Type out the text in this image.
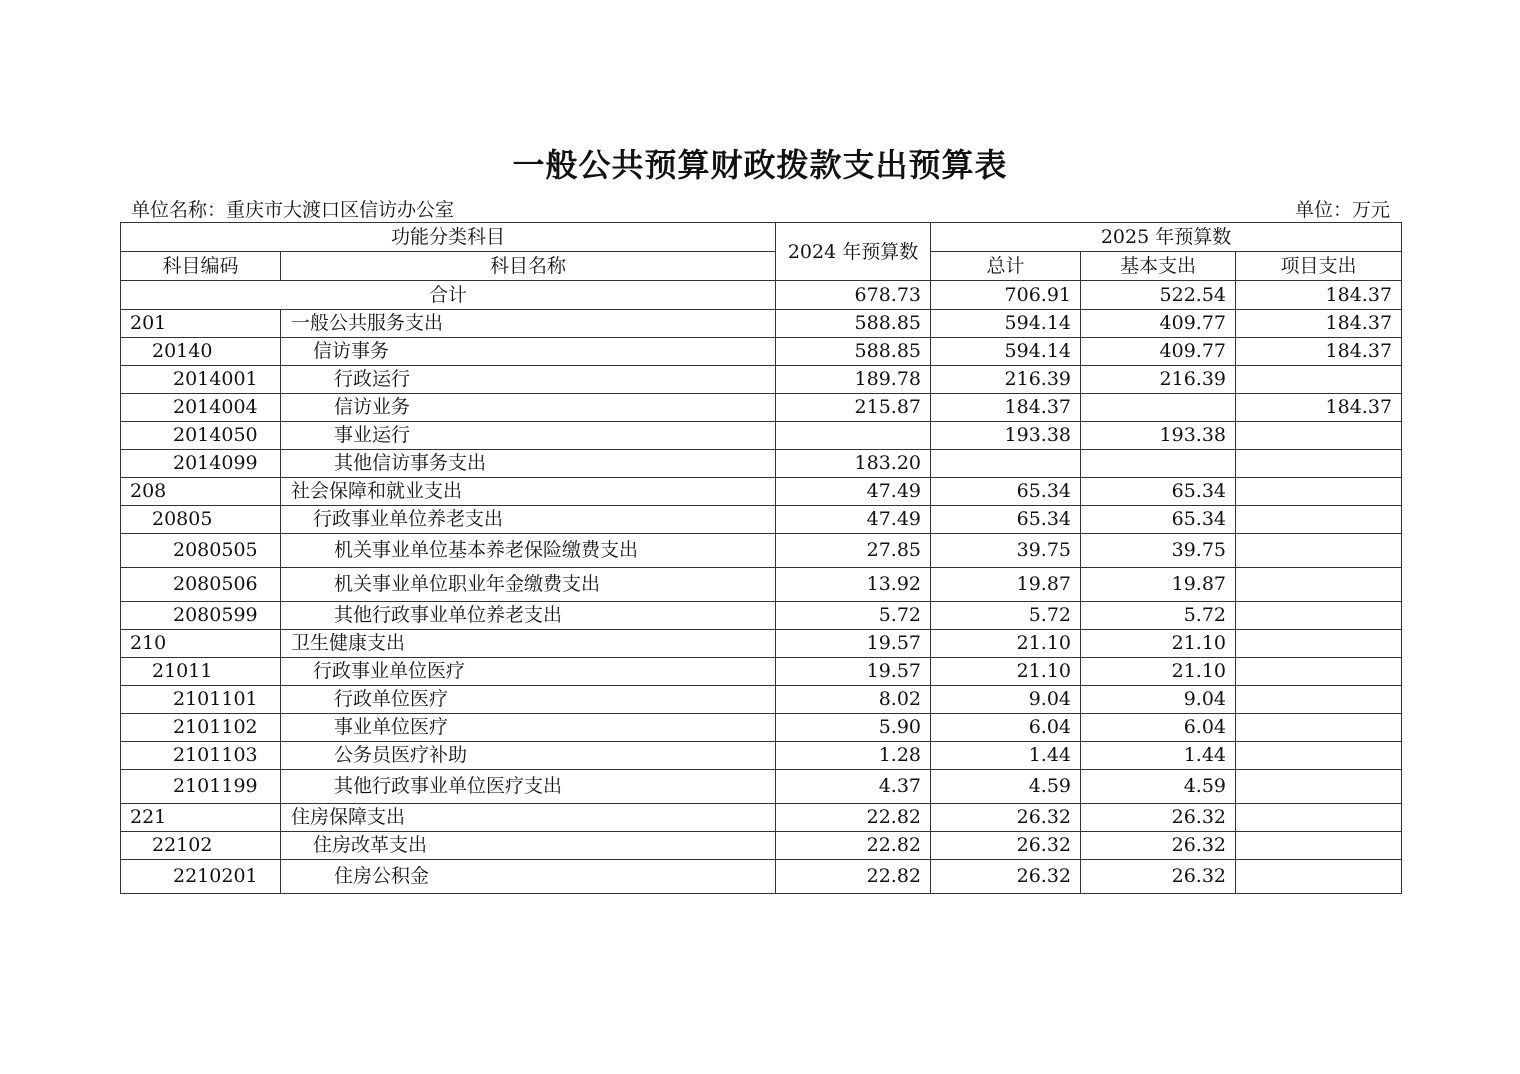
一般公共预算财政拨款支出预算表
单位名称：重庆市大渡口区信访办公室	单位：万元
功能分类科目		2024 年预算数	2025 年预算数		
科目编码	科目名称		总计	基本支出	项目支出
合计		678.73	706.91	522.54	184.37
201	一般公共服务支出	588.85	594.14	409.77	184.37
20140	信访事务	588.85	594.14	409.77	184.37
2014001	行政运行	189.78	216.39	216.39	
2014004	信访业务	215.87	184.37		184.37
2014050	事业运行		193.38	193.38	
2014099	其他信访事务支出	183.20			
208	社会保障和就业支出	47.49	65.34	65.34	
20805	行政事业单位养老支出	47.49	65.34	65.34	
2080505	机关事业单位基本养老保险缴费支出	27.85	39.75	39.75	
2080506	机关事业单位职业年金缴费支出	13.92	19.87	19.87	
2080599	其他行政事业单位养老支出	5.72	5.72	5.72	
210	卫生健康支出	19.57	21.10	21.10	
21011	行政事业单位医疗	19.57	21.10	21.10	
2101101	行政单位医疗	8.02	9.04	9.04	
2101102	事业单位医疗	5.90	6.04	6.04	
2101103	公务员医疗补助	1.28	1.44	1.44	
2101199	其他行政事业单位医疗支出	4.37	4.59	4.59	
221	住房保障支出	22.82	26.32	26.32	
22102	住房改革支出	22.82	26.32	26.32	
2210201	住房公积金	22.82	26.32	26.32	
